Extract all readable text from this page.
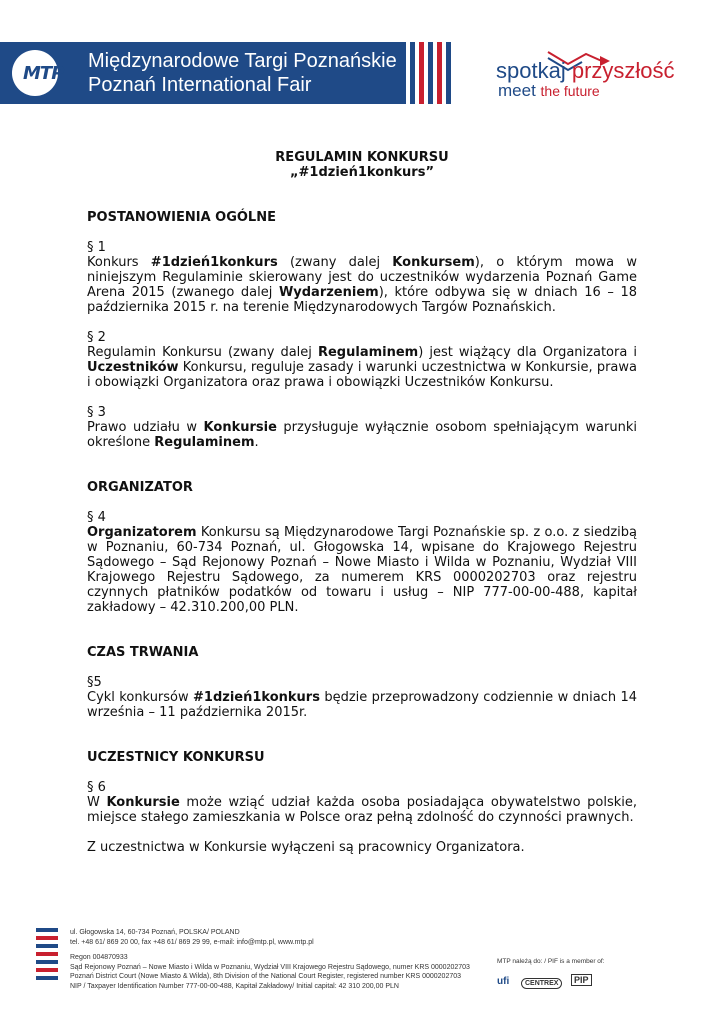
MTP
Międzynarodowe Targi Poznańskie
Poznań International Fair
spotkaj przyszłość
meet the future

REGULAMIN KONKURSU

„#1dzień1konkurs”

POSTANOWIENIA OGÓLNE

§ 1

Konkurs #1dzień1konkurs (zwany dalej Konkursem), o którym mowa w niniejszym Regulaminie skierowany jest do uczestników wydarzenia Poznań Game Arena 2015 (zwanego dalej Wydarzeniem), które odbywa się w dniach 16 – 18 października 2015 r. na terenie Międzynarodowych Targów Poznańskich.

§ 2

Regulamin Konkursu (zwany dalej Regulaminem) jest wiążący dla Organizatora i Uczestników Konkursu, reguluje zasady i warunki uczestnictwa w Konkursie, prawa i obowiązki Organizatora oraz prawa i obowiązki Uczestników Konkursu.

§ 3

Prawo udziału w Konkursie przysługuje wyłącznie osobom spełniającym warunki określone Regulaminem.

ORGANIZATOR

§ 4

Organizatorem Konkursu są Międzynarodowe Targi Poznańskie sp. z o.o. z siedzibą w Poznaniu, 60-734 Poznań, ul. Głogowska 14, wpisane do Krajowego Rejestru Sądowego – Sąd Rejonowy Poznań – Nowe Miasto i Wilda w Poznaniu, Wydział VIII Krajowego Rejestru Sądowego, za numerem KRS 0000202703 oraz rejestru czynnych płatników podatków od towaru i usług – NIP 777-00-00-488, kapitał zakładowy – 42.310.200,00 PLN.

CZAS TRWANIA

§5

Cykl konkursów #1dzień1konkurs będzie przeprowadzony codziennie w dniach 14 września – 11 października 2015r.

UCZESTNICY KONKURSU

§ 6

W Konkursie może wziąć udział każda osoba posiadająca obywatelstwo polskie, miejsce stałego zamieszkania w Polsce oraz pełną zdolność do czynności prawnych.

Z uczestnictwa w Konkursie wyłączeni są pracownicy Organizatora.

ul. Głogowska 14, 60-734 Poznań, POLSKA/ POLAND
tel. +48 61/ 869 20 00, fax +48 61/ 869 29 99, e-mail: info@mtp.pl, www.mtp.pl
Regon 004870933
Sąd Rejonowy Poznań – Nowe Miasto i Wilda w Poznaniu, Wydział VIII Krajowego Rejestru Sądowego, numer KRS 0000202703
Poznań District Court (Nowe Miasto & Wilda), 8th Division of the National Court Register, registered number KRS 0000202703
NIP / Taxpayer Identification Number 777-00-00-488, Kapitał Zakładowy/ Initial capital: 42 310 200,00 PLN
MTP należą do: / PIF is a member of:
ufi	CENTREX	PIP
